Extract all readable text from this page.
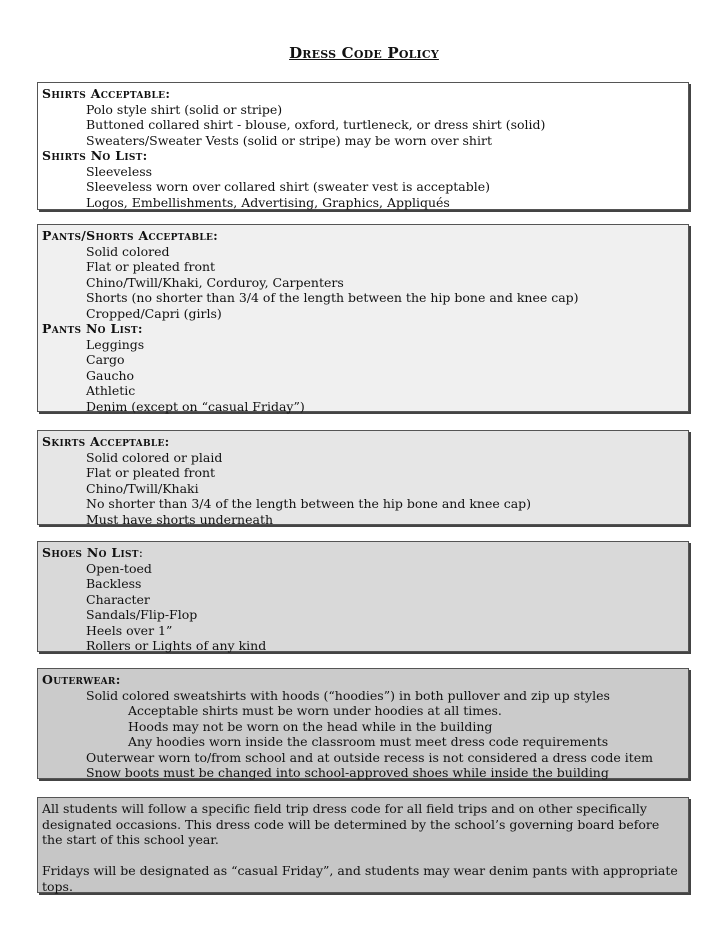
Dress Code Policy
Shirts Acceptable:
Polo style shirt (solid or stripe)
Buttoned collared shirt - blouse, oxford, turtleneck, or dress shirt (solid)
Sweaters/Sweater Vests (solid or stripe) may be worn over shirt
Shirts No List:
Sleeveless
Sleeveless worn over collared shirt (sweater vest is acceptable)
Logos, Embellishments, Advertising, Graphics, Appliqués
Pants/Shorts Acceptable:
Solid colored
Flat or pleated front
Chino/Twill/Khaki, Corduroy, Carpenters
Shorts (no shorter than 3/4 of the length between the hip bone and knee cap)
Cropped/Capri (girls)
Pants No List:
Leggings
Cargo
Gaucho
Athletic
Denim (except on “casual Friday”)
Skirts Acceptable:
Solid colored or plaid
Flat or pleated front
Chino/Twill/Khaki
No shorter than 3/4 of the length between the hip bone and knee cap)
Must have shorts underneath
Shoes No List:
Open-toed
Backless
Character
Sandals/Flip-Flop
Heels over 1”
Rollers or Lights of any kind
Outerwear:
Solid colored sweatshirts with hoods (“hoodies”) in both pullover and zip up styles
Acceptable shirts must be worn under hoodies at all times.
Hoods may not be worn on the head while in the building
Any hoodies worn inside the classroom must meet dress code requirements
Outerwear worn to/from school and at outside recess is not considered a dress code item
Snow boots must be changed into school-approved shoes while inside the building
All students will follow a specific field trip dress code for all field trips and on other specifically designated occasions. This dress code will be determined by the school’s governing board before the start of this school year.
Fridays will be designated as “casual Friday”, and students may wear denim pants with appropriate tops.
